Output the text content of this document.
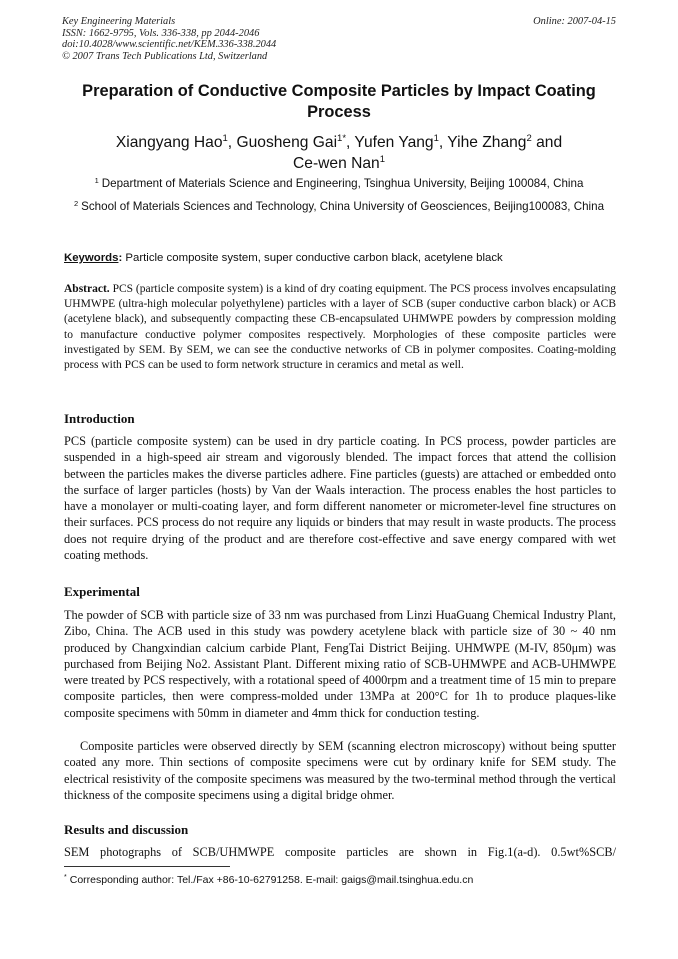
Key Engineering Materials
ISSN: 1662-9795, Vols. 336-338, pp 2044-2046
doi:10.4028/www.scientific.net/KEM.336-338.2044
© 2007 Trans Tech Publications Ltd, Switzerland
Online: 2007-04-15
Preparation of Conductive Composite Particles by Impact Coating Process
Xiangyang Hao$^1$, Guosheng Gai$^{1*}$, Yufen Yang$^1$, Yihe Zhang$^2$ and
Ce-wen Nan$^1$
$^1$ Department of Materials Science and Engineering, Tsinghua University, Beijing 100084, China
$^2$ School of Materials Sciences and Technology, China University of Geosciences, Beijing100083, China
Keywords: Particle composite system, super conductive carbon black, acetylene black
Abstract. PCS (particle composite system) is a kind of dry coating equipment. The PCS process involves encapsulating UHMWPE (ultra-high molecular polyethylene) particles with a layer of SCB (super conductive carbon black) or ACB (acetylene black), and subsequently compacting these CB-encapsulated UHMWPE powders by compression molding to manufacture conductive polymer composites respectively. Morphologies of these composite particles were investigated by SEM. By SEM, we can see the conductive networks of CB in polymer composites. Coating-molding process with PCS can be used to form network structure in ceramics and metal as well.
Introduction
PCS (particle composite system) can be used in dry particle coating. In PCS process, powder particles are suspended in a high-speed air stream and vigorously blended. The impact forces that attend the collision between the particles makes the diverse particles adhere. Fine particles (guests) are attached or embedded onto the surface of larger particles (hosts) by Van der Waals interaction. The process enables the host particles to have a monolayer or multi-coating layer, and form different nanometer or micrometer-level fine structures on their surfaces. PCS process do not require any liquids or binders that may result in waste products. The process does not require drying of the product and are therefore cost-effective and save energy compared with wet coating methods.
Experimental
The powder of SCB with particle size of 33 nm was purchased from Linzi HuaGuang Chemical Industry Plant, Zibo, China. The ACB used in this study was powdery acetylene black with particle size of 30 ~ 40 nm produced by Changxindian calcium carbide Plant, FengTai District Beijing. UHMWPE (M-IV, 850μm) was purchased from Beijing No2. Assistant Plant. Different mixing ratio of SCB-UHMWPE and ACB-UHMWPE were treated by PCS respectively, with a rotational speed of 4000rpm and a treatment time of 15 min to prepare composite particles, then were compress-molded under 13MPa at 200°C for 1h to produce plaques-like composite specimens with 50mm in diameter and 4mm thick for conduction testing.
Composite particles were observed directly by SEM (scanning electron microscopy) without being sputter coated any more. Thin sections of composite specimens were cut by ordinary knife for SEM study. The electrical resistivity of the composite specimens was measured by the two-terminal method through the vertical thickness of the composite specimens using a digital bridge ohmer.
Results and discussion
SEM photographs of SCB/UHMWPE composite particles are shown in Fig.1(a-d). 0.5wt%SCB/
* Corresponding author: Tel./Fax +86-10-62791258. E-mail: gaigs@mail.tsinghua.edu.cn
